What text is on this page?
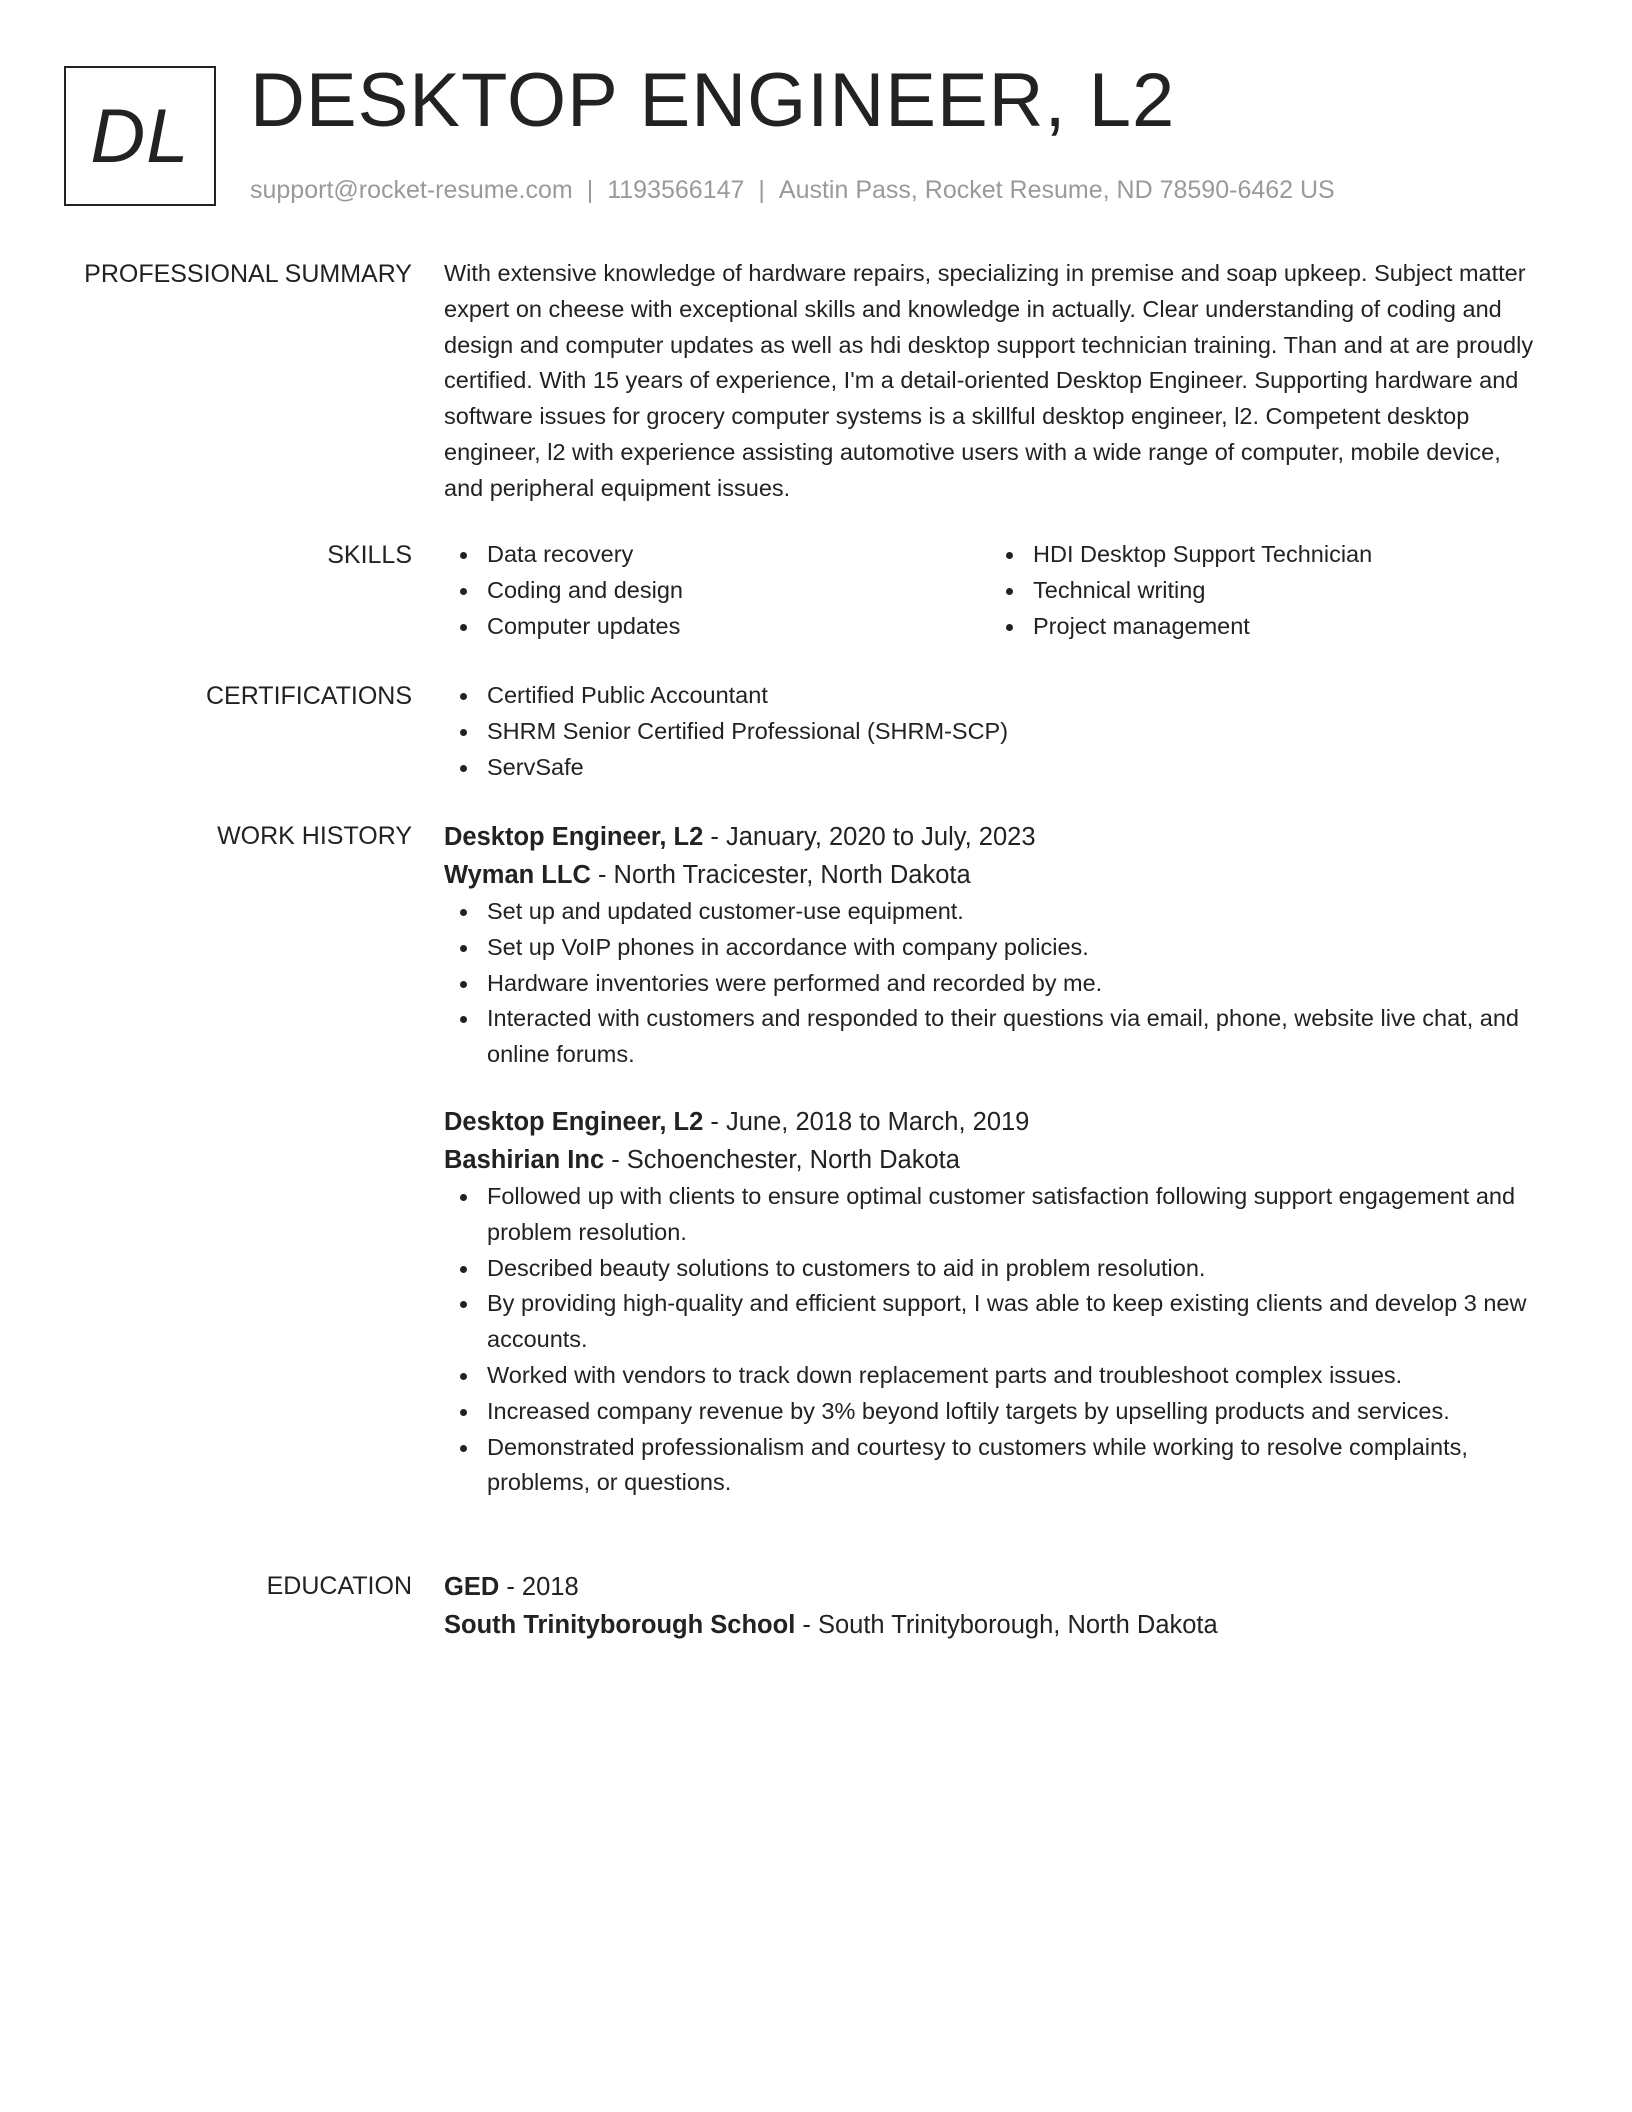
DL DESKTOP ENGINEER, L2
support@rocket-resume.com | 1193566147 | Austin Pass, Rocket Resume, ND 78590-6462 US
PROFESSIONAL SUMMARY With extensive knowledge of hardware repairs, specializing in premise and soap upkeep. Subject matter expert on cheese with exceptional skills and knowledge in actually. Clear understanding of coding and design and computer updates as well as hdi desktop support technician training. Than and at are proudly certified. With 15 years of experience, I'm a detail-oriented Desktop Engineer. Supporting hardware and software issues for grocery computer systems is a skillful desktop engineer, l2. Competent desktop engineer, l2 with experience assisting automotive users with a wide range of computer, mobile device, and peripheral equipment issues.

SKILLS	Data recovery
Coding and design
Computer updates
HDI Desktop Support Technician
Technical writing
Project management
CERTIFICATIONS	Certified Public Accountant
SHRM Senior Certified Professional (SHRM-SCP)
ServSafe
WORK HISTORY Desktop Engineer, L2 - January, 2020 to July, 2023
Wyman LLC - North Tracicester, North Dakota
Set up and updated customer-use equipment.
Set up VoIP phones in accordance with company policies.
Hardware inventories were performed and recorded by me.
Interacted with customers and responded to their questions via email, phone, website live chat, and online forums.
Desktop Engineer, L2 - June, 2018 to March, 2019
Bashirian Inc - Schoenchester, North Dakota
Followed up with clients to ensure optimal customer satisfaction following support engagement and problem resolution.
Described beauty solutions to customers to aid in problem resolution.
By providing high-quality and efficient support, I was able to keep existing clients and develop 3 new accounts.
Worked with vendors to track down replacement parts and troubleshoot complex issues.
Increased company revenue by 3% beyond loftily targets by upselling products and services.
Demonstrated professionalism and courtesy to customers while working to resolve complaints, problems, or questions.
EDUCATION GED - 2018
South Trinityborough School - South Trinityborough, North Dakota
